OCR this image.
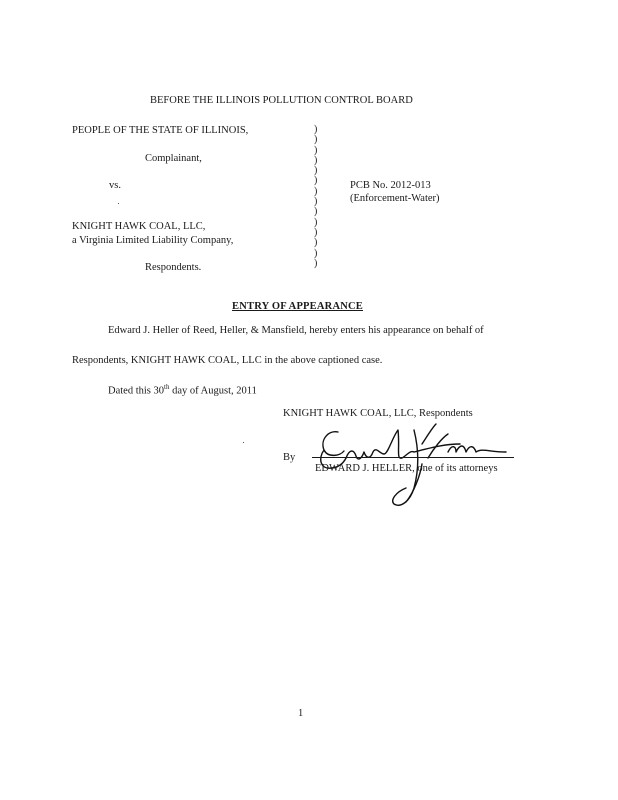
BEFORE THE ILLINOIS POLLUTION CONTROL BOARD
PEOPLE OF THE STATE OF ILLINOIS,
Complainant,
vs.
KNIGHT HAWK COAL, LLC,
a Virginia Limited Liability Company,
Respondents.
)
)
)
)
)
)
)
)
)
)
)
)
)
)
PCB No. 2012-013
(Enforcement-Water)
ENTRY OF APPEARANCE
Edward J. Heller of Reed, Heller, & Mansfield, hereby enters his appearance on behalf of
Respondents, KNIGHT HAWK COAL, LLC in the above captioned case.
Dated this 30th day of August, 2011
KNIGHT HAWK COAL, LLC, Respondents
By
EDWARD J. HELLER, one of its attorneys
1
